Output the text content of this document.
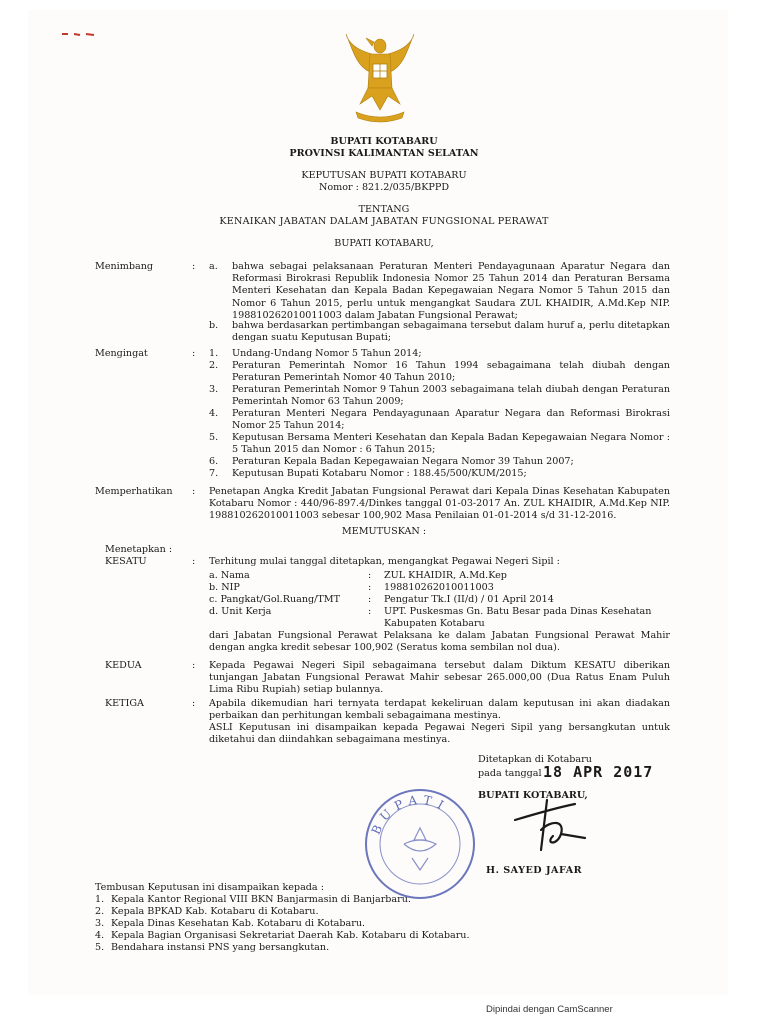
BUPATI KOTABARU
PROVINSI KALIMANTAN SELATAN
KEPUTUSAN BUPATI KOTABARU
Nomor : 821.2/035/BKPPD
TENTANG
KENAIKAN JABATAN DALAM JABATAN FUNGSIONAL PERAWAT
BUPATI KOTABARU,
Menimbang	: a. bahwa sebagai pelaksanaan Peraturan Menteri Pendayagunaan Aparatur Negara dan Reformasi Birokrasi Republik Indonesia Nomor 25 Tahun 2014 dan Peraturan Bersama Menteri Kesehatan dan Kepala Badan Kepegawaian Negara Nomor 5 Tahun 2015 dan Nomor 6 Tahun 2015, perlu untuk mengangkat Saudara ZUL KHAIDIR, A.Md.Kep NIP. 198810262010011003 dalam Jabatan Fungsional Perawat;
b. bahwa berdasarkan pertimbangan sebagaimana tersebut dalam huruf a, perlu ditetapkan dengan suatu Keputusan Bupati;
Mengingat	: 1. Undang-Undang Nomor 5 Tahun 2014;
2. Peraturan Pemerintah Nomor 16 Tahun 1994 sebagaimana telah diubah dengan Peraturan Pemerintah Nomor 40 Tahun 2010;
3. Peraturan Pemerintah Nomor 9 Tahun 2003 sebagaimana telah diubah dengan Peraturan Pemerintah Nomor 63 Tahun 2009;
4. Peraturan Menteri Negara Pendayagunaan Aparatur Negara dan Reformasi Birokrasi Nomor 25 Tahun 2014;
5. Keputusan Bersama Menteri Kesehatan dan Kepala Badan Kepegawaian Negara Nomor : 5 Tahun 2015 dan Nomor : 6 Tahun 2015;
6. Peraturan Kepala Badan Kepegawaian Negara Nomor 39 Tahun 2007;
7. Keputusan Bupati Kotabaru Nomor : 188.45/500/KUM/2015;
Memperhatikan : Penetapan Angka Kredit Jabatan Fungsional Perawat dari Kepala Dinas Kesehatan Kabupaten Kotabaru Nomor : 440/96-897.4/Dinkes tanggal 01-03-2017 An. ZUL KHAIDIR, A.Md.Kep NIP. 198810262010011003 sebesar 100,902 Masa Penilaian 01-01-2014 s/d 31-12-2016.
MEMUTUSKAN :
Menetapkan :
KESATU	: Terhitung mulai tanggal ditetapkan, mengangkat Pegawai Negeri Sipil :
a. Nama	: ZUL KHAIDIR, A.Md.Kep
b. NIP	: 198810262010011003
c. Pangkat/Gol.Ruang/TMT	: Pengatur Tk.I (II/d) / 01 April 2014
d. Unit Kerja	: UPT. Puskesmas Gn. Batu Besar pada Dinas Kesehatan Kabupaten Kotabaru
dari Jabatan Fungsional Perawat Pelaksana ke dalam Jabatan Fungsional Perawat Mahir dengan angka kredit sebesar 100,902 (Seratus koma sembilan nol dua).
KEDUA	: Kepada Pegawai Negeri Sipil sebagaimana tersebut dalam Diktum KESATU diberikan tunjangan Jabatan Fungsional Perawat Mahir sebesar 265.000,00 (Dua Ratus Enam Puluh Lima Ribu Rupiah) setiap bulannya.
KETIGA	: Apabila dikemudian hari ternyata terdapat kekeliruan dalam keputusan ini akan diadakan perbaikan dan perhitungan kembali sebagaimana mestinya.
ASLI Keputusan ini disampaikan kepada Pegawai Negeri Sipil yang bersangkutan untuk diketahui dan diindahkan sebagaimana mestinya.
Ditetapkan di Kotabaru
pada tanggal 18 APR 2017
BUPATI
BUPATI KOTABARU,
H. SAYED JAFAR
Tembusan Keputusan ini disampaikan kepada :
1. Kepala Kantor Regional VIII BKN Banjarmasin di Banjarbaru.
2. Kepala BPKAD Kab. Kotabaru di Kotabaru.
3. Kepala Dinas Kesehatan Kab. Kotabaru di Kotabaru.
4. Kepala Bagian Organisasi Sekretariat Daerah Kab. Kotabaru di Kotabaru.
5. Bendahara instansi PNS yang bersangkutan.
Dipindai dengan CamScanner
